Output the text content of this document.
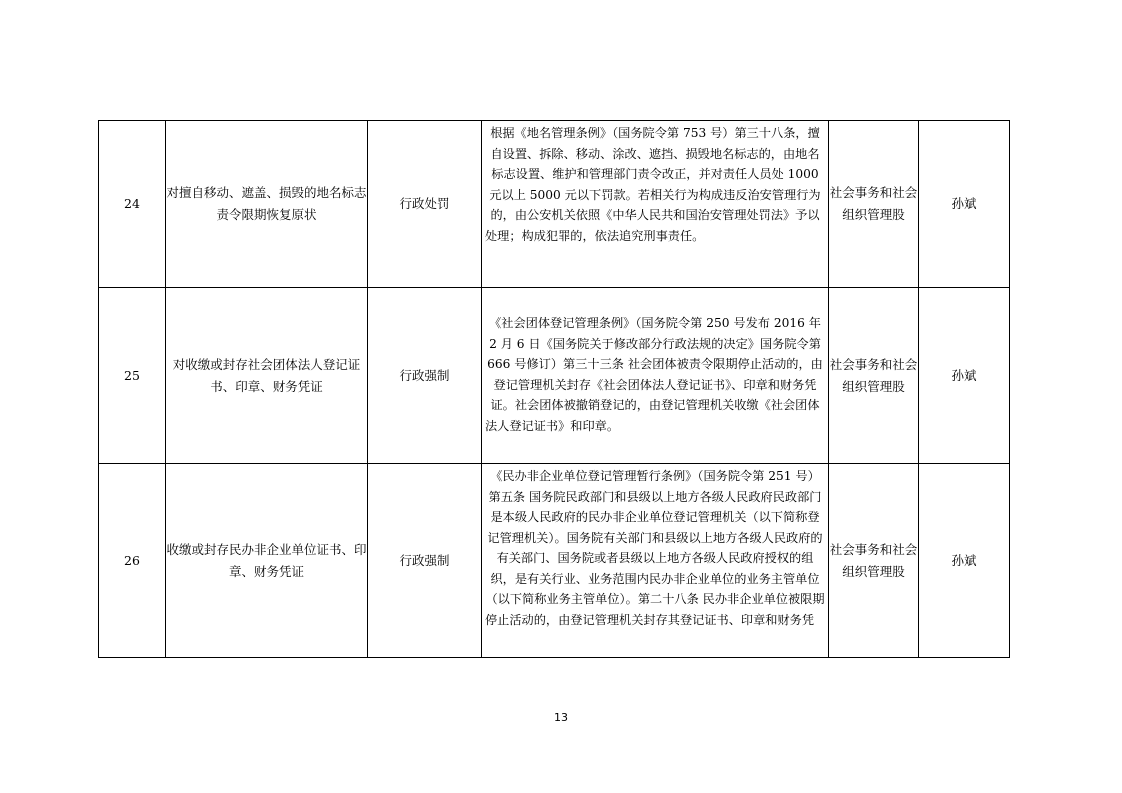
24	对擅自移动、遮盖、损毁的地名标志责令限期恢复原状	行政处罚	根据《地名管理条例》（国务院令第 753 号）第三十八条，擅自设置、拆除、移动、涂改、遮挡、损毁地名标志的，由地名标志设置、维护和管理部门责令改正，并对责任人员处 1000 元以上 5000 元以下罚款。若相关行为构成违反治安管理行为的，由公安机关依照《中华人民共和国治安管理处罚法》予以处理；构成犯罪的，依法追究刑事责任。	社会事务和社会组织管理股	孙斌
25	对收缴或封存社会团体法人登记证书、印章、财务凭证	行政强制	《社会团体登记管理条例》（国务院令第 250 号发布 2016 年 2 月 6 日《国务院关于修改部分行政法规的决定》国务院令第 666 号修订）第三十三条 社会团体被责令限期停止活动的，由登记管理机关封存《社会团体法人登记证书》、印章和财务凭证。社会团体被撤销登记的，由登记管理机关收缴《社会团体法人登记证书》和印章。	社会事务和社会组织管理股	孙斌
26	收缴或封存民办非企业单位证书、印章、财务凭证	行政强制	《民办非企业单位登记管理暂行条例》（国务院令第 251 号）第五条 国务院民政部门和县级以上地方各级人民政府民政部门是本级人民政府的民办非企业单位登记管理机关（以下简称登记管理机关）。国务院有关部门和县级以上地方各级人民政府的有关部门、国务院或者县级以上地方各级人民政府授权的组织，是有关行业、业务范围内民办非企业单位的业务主管单位（以下简称业务主管单位）。第二十八条 民办非企业单位被限期停止活动的，由登记管理机关封存其登记证书、印章和财务凭	社会事务和社会组织管理股	孙斌
13
